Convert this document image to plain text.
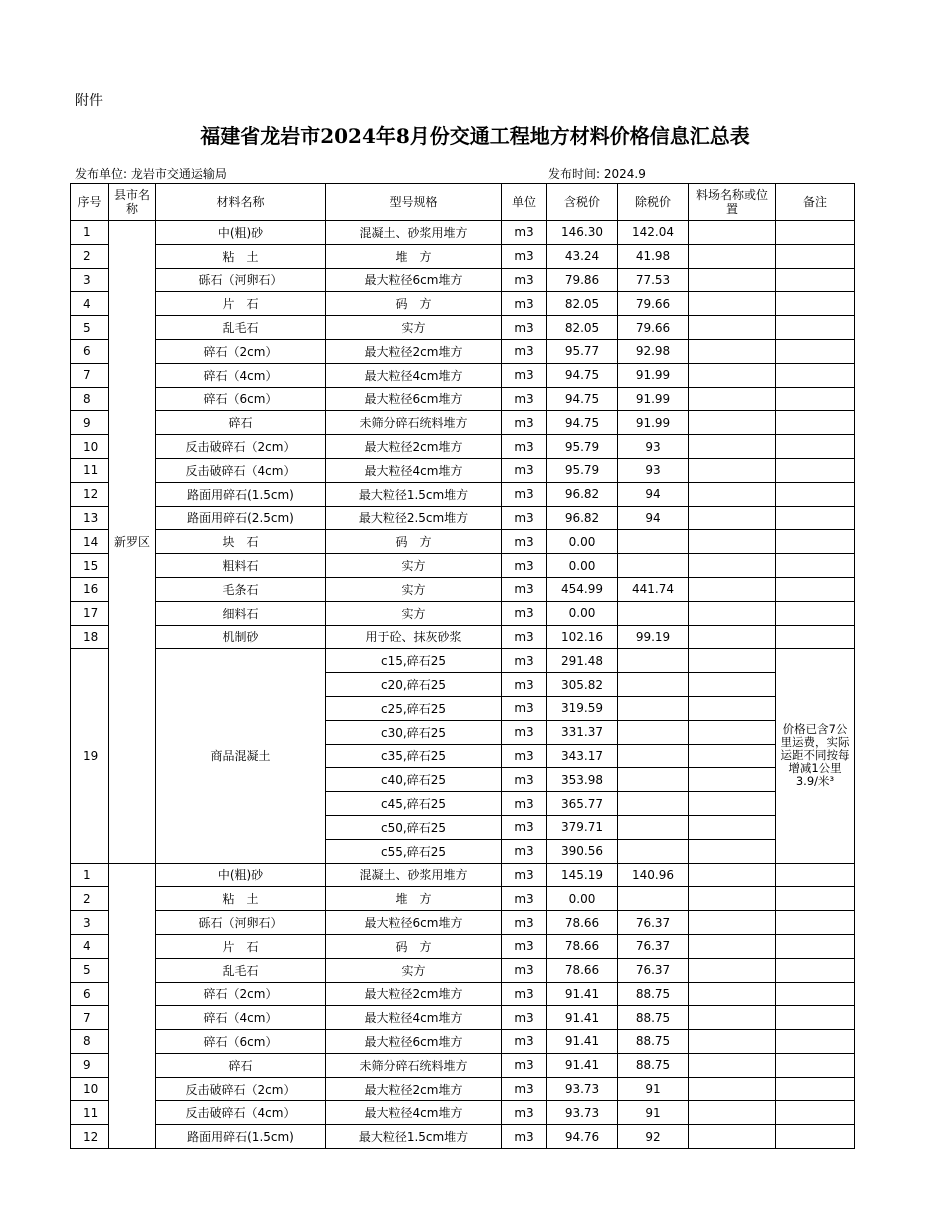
附件
福建省龙岩市2024年8月份交通工程地方材料价格信息汇总表
发布单位: 龙岩市交通运输局	发布时间: 2024.9
序号	县市名称	材料名称	型号规格	单位	含税价	除税价	料场名称或位置	备注
1	新罗区	中(粗)砂	混凝土、砂浆用堆方	m3	146.30	142.04		
2		粘　土	堆　方	m3	43.24	41.98		
3		砾石（河卵石）	最大粒径6cm堆方	m3	79.86	77.53		
4		片　石	码　方	m3	82.05	79.66		
5		乱毛石	实方	m3	82.05	79.66		
6		碎石（2cm）	最大粒径2cm堆方	m3	95.77	92.98		
7		碎石（4cm）	最大粒径4cm堆方	m3	94.75	91.99		
8		碎石（6cm）	最大粒径6cm堆方	m3	94.75	91.99		
9		碎石	未筛分碎石统料堆方	m3	94.75	91.99		
10		反击破碎石（2cm）	最大粒径2cm堆方	m3	95.79	93		
11		反击破碎石（4cm）	最大粒径4cm堆方	m3	95.79	93		
12		路面用碎石(1.5cm)	最大粒径1.5cm堆方	m3	96.82	94		
13		路面用碎石(2.5cm)	最大粒径2.5cm堆方	m3	96.82	94		
14		块　石	码　方	m3	0.00			
15		粗料石	实方	m3	0.00			
16		毛条石	实方	m3	454.99	441.74		
17		细料石	实方	m3	0.00			
18		机制砂	用于砼、抹灰砂浆	m3	102.16	99.19		
19		商品混凝土	c15,碎石25	m3	291.48			价格已含7公里运费，实际运距不同按每增减1公里3.9/米³
			c20,碎石25	m3	305.82			
			c25,碎石25	m3	319.59			
			c30,碎石25	m3	331.37			
			c35,碎石25	m3	343.17			
			c40,碎石25	m3	353.98			
			c45,碎石25	m3	365.77			
			c50,碎石25	m3	379.71			
			c55,碎石25	m3	390.56			
1		中(粗)砂	混凝土、砂浆用堆方	m3	145.19	140.96		
2		粘　土	堆　方	m3	0.00			
3		砾石（河卵石）	最大粒径6cm堆方	m3	78.66	76.37		
4		片　石	码　方	m3	78.66	76.37		
5		乱毛石	实方	m3	78.66	76.37		
6		碎石（2cm）	最大粒径2cm堆方	m3	91.41	88.75		
7		碎石（4cm）	最大粒径4cm堆方	m3	91.41	88.75		
8		碎石（6cm）	最大粒径6cm堆方	m3	91.41	88.75		
9		碎石	未筛分碎石统料堆方	m3	91.41	88.75		
10		反击破碎石（2cm）	最大粒径2cm堆方	m3	93.73	91		
11		反击破碎石（4cm）	最大粒径4cm堆方	m3	93.73	91		
12		路面用碎石(1.5cm)	最大粒径1.5cm堆方	m3	94.76	92		
